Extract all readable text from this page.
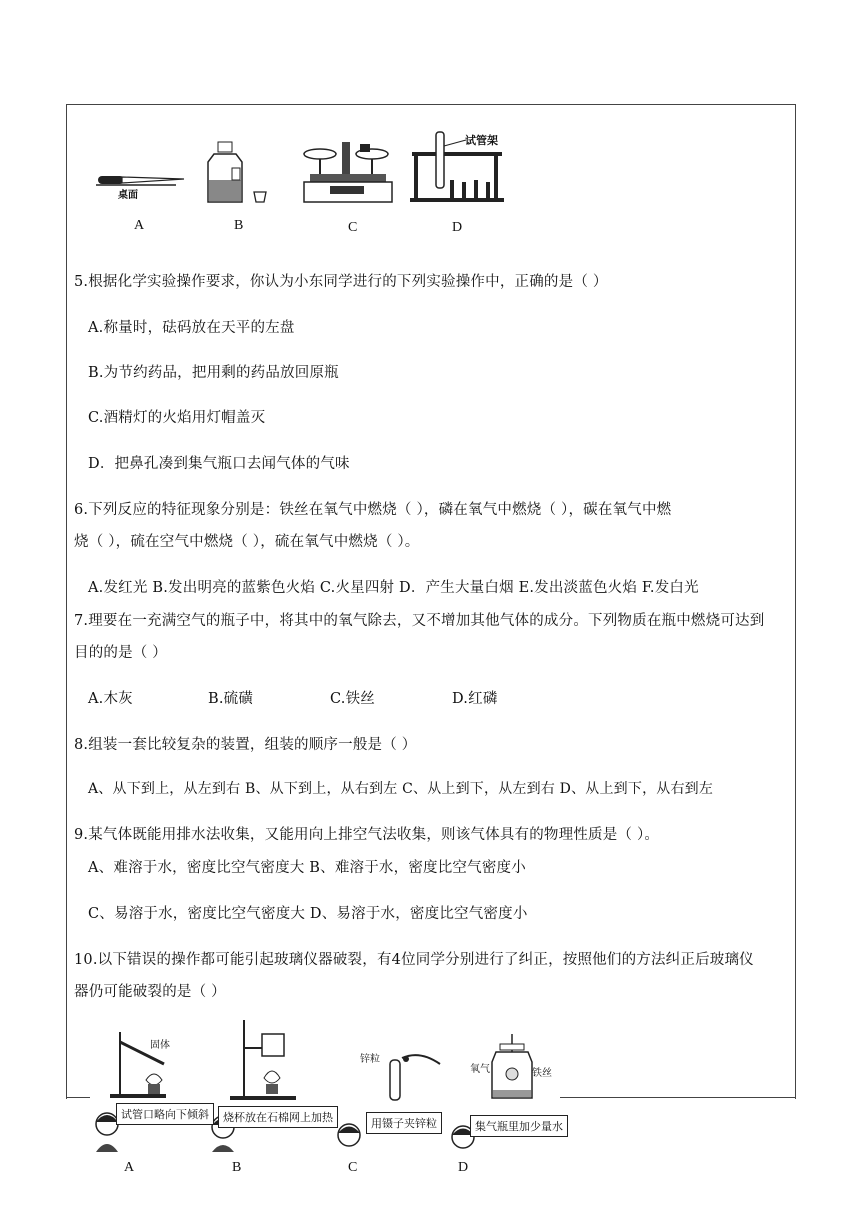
桌面
试管架
A	B	C	D
5.根据化学实验操作要求，你认为小东同学进行的下列实验操作中，正确的是（ ）
A.称量时，砝码放在天平的左盘
B.为节约药品，把用剩的药品放回原瓶
C.酒精灯的火焰用灯帽盖灭
D．把鼻孔凑到集气瓶口去闻气体的气味
6.下列反应的特征现象分别是：铁丝在氧气中燃烧（ ），磷在氧气中燃烧（ ），碳在氧气中燃
烧（ ），硫在空气中燃烧（ ），硫在氧气中燃烧（ ）。
A.发红光 B.发出明亮的蓝紫色火焰 C.火星四射 D．产生大量白烟 E.发出淡蓝色火焰 F.发白光
7.理要在一充满空气的瓶子中，将其中的氧气除去，又不增加其他气体的成分。下列物质在瓶中燃烧可达到
目的的是（ ）
A.木灰	B.硫磺	C.铁丝	D.红磷
8.组装一套比较复杂的装置，组装的顺序一般是（ ）
A、从下到上，从左到右 B、从下到上，从右到左 C、从上到下，从左到右 D、从上到下，从右到左
9.某气体既能用排水法收集，又能用向上排空气法收集，则该气体具有的物理性质是（ ）。
A、难溶于水，密度比空气密度大 B、难溶于水，密度比空气密度小
C、易溶于水，密度比空气密度大 D、易溶于水，密度比空气密度小
10.以下错误的操作都可能引起玻璃仪器破裂，有4位同学分别进行了纠正，按照他们的方法纠正后玻璃仪
器仍可能破裂的是（ ）
固体
锌粒
氧气	铁丝
试管口略向下倾斜	烧杯放在石棉网上加热	用镊子夹锌粒	集气瓶里加少量水
A	B	C	D
